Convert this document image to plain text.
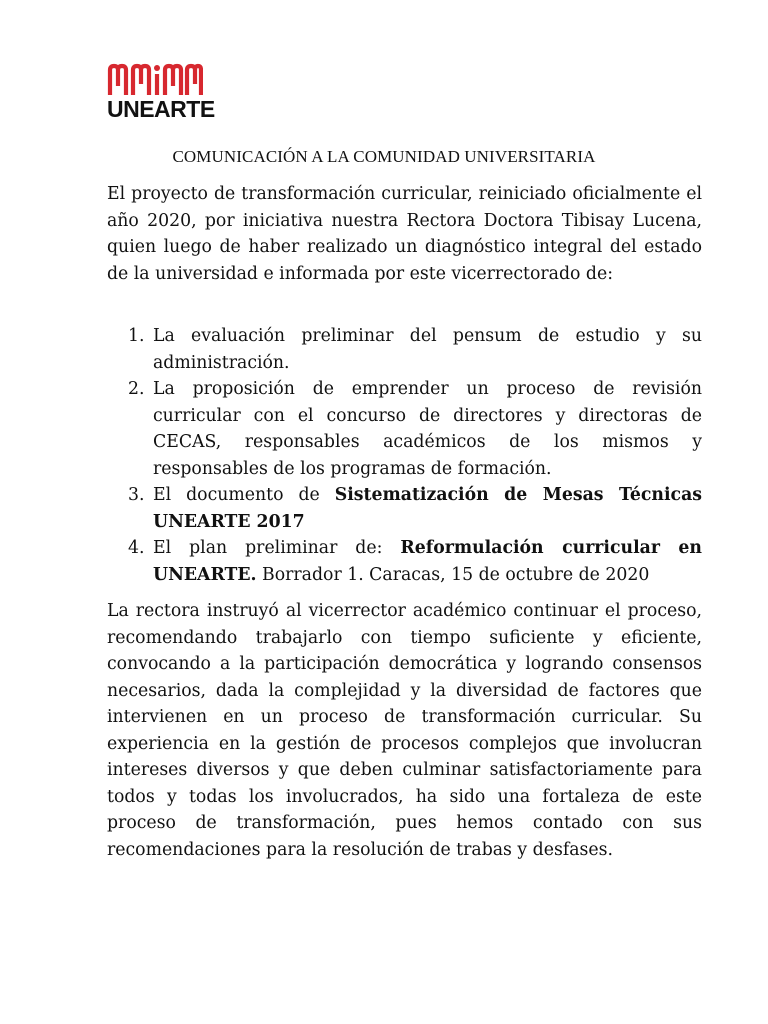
UNEARTE
COMUNICACIÓN A LA COMUNIDAD UNIVERSITARIA

El proyecto de transformación curricular, reiniciado oficialmente el año 2020, por iniciativa nuestra Rectora Doctora Tibisay Lucena, quien luego de haber realizado un diagnóstico integral del estado de la universidad e informada por este vicerrectorado de:

1. La evaluación preliminar del pensum de estudio y su administración.
2. La proposición de emprender un proceso de revisión curricular con el concurso de directores y directoras de CECAS, responsables académicos de los mismos y responsables de los programas de formación.
3. El documento de Sistematización de Mesas Técnicas UNEARTE 2017
4. El plan preliminar de: Reformulación curricular en UNEARTE. Borrador 1. Caracas, 15 de octubre de 2020

La rectora instruyó al vicerrector académico continuar el proceso, recomendando trabajarlo con tiempo suficiente y eficiente, convocando a la participación democrática y logrando consensos necesarios, dada la complejidad y la diversidad de factores que intervienen en un proceso de transformación curricular. Su experiencia en la gestión de procesos complejos que involucran intereses diversos y que deben culminar satisfactoriamente para todos y todas los involucrados, ha sido una fortaleza de este proceso de transformación, pues hemos contado con sus recomendaciones para la resolución de trabas y desfases.
